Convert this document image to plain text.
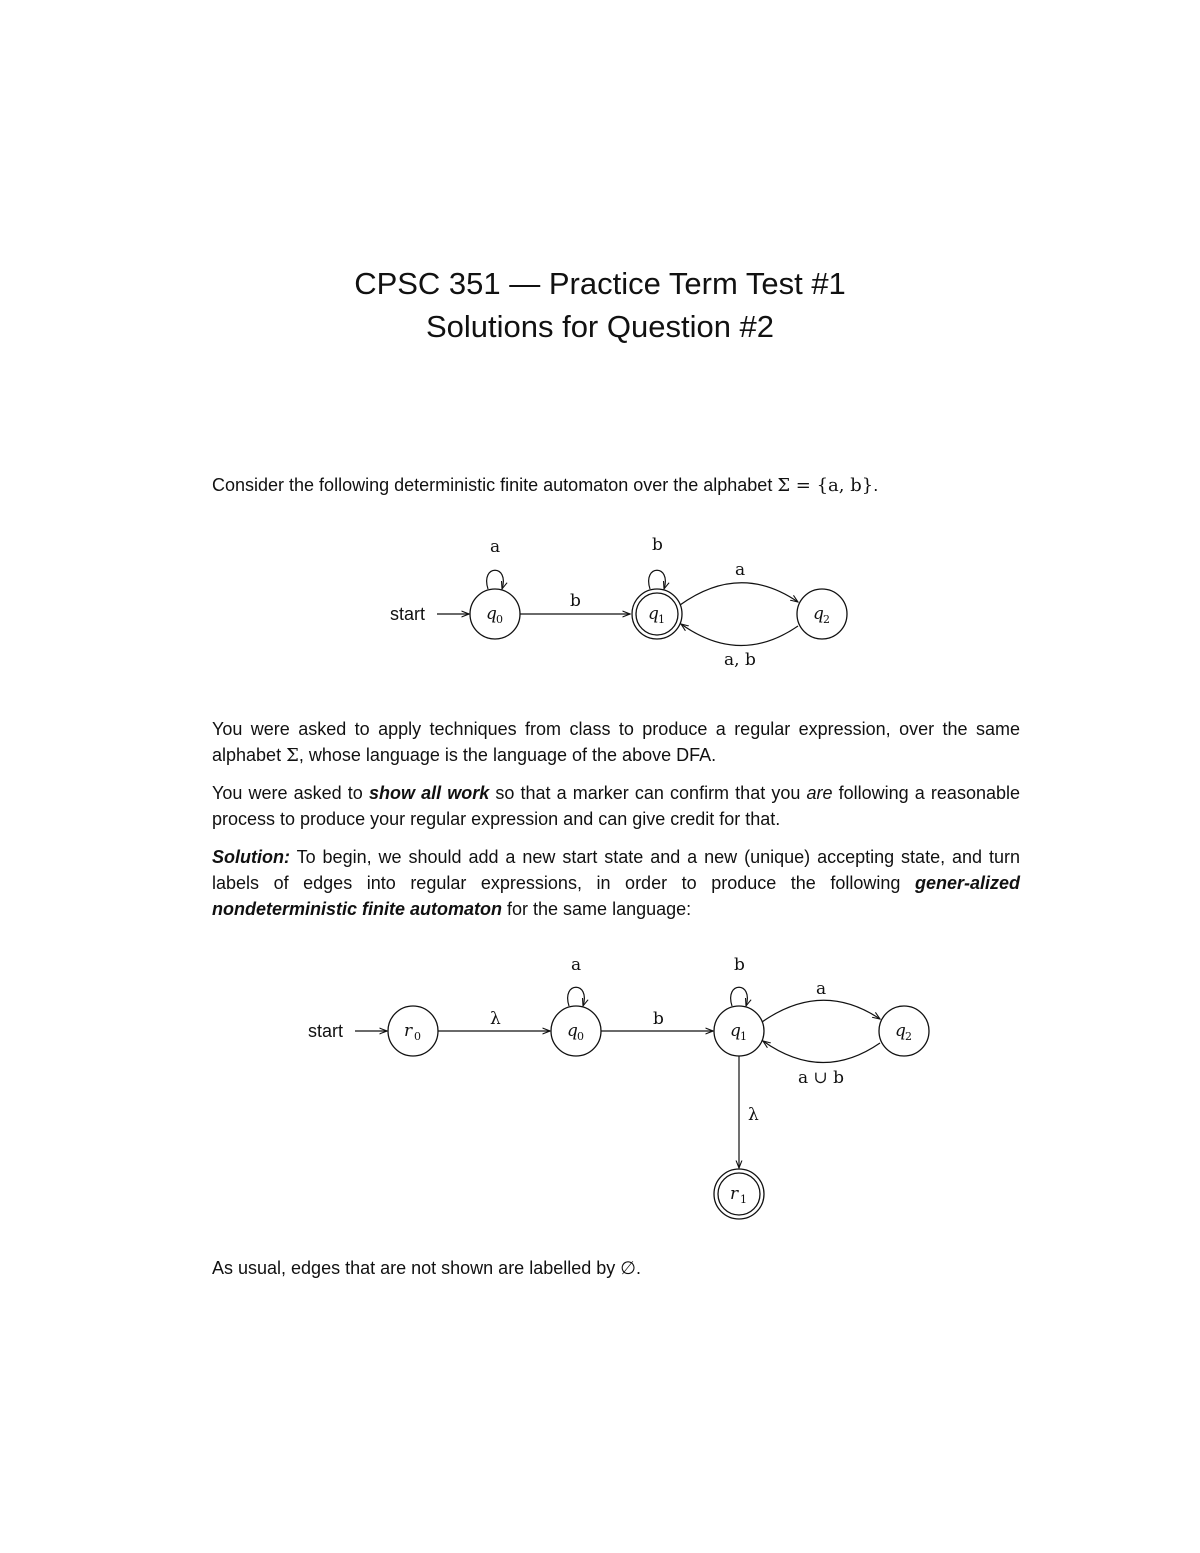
CPSC 351 — Practice Term Test #1
Solutions for Question #2
Consider the following deterministic finite automaton over the alphabet Σ = {a, b}.
start	q 0
a
b
q 1
b
q 2
a
a, b
You were asked to apply techniques from class to produce a regular expression, over the same alphabet Σ, whose language is the language of the above DFA.
You were asked to show all work so that a marker can confirm that you are following a reasonable process to produce your regular expression and can give credit for that.
Solution: To begin, we should add a new start state and a new (unique) accepting state, and turn labels of edges into regular expressions, in order to produce the following gener-alized nondeterministic finite automaton for the same language:
start	r 0
λ
q 0
a
b
q 1
b
q 2
a
a ∪ b
λ
r 1
As usual, edges that are not shown are labelled by ∅.
